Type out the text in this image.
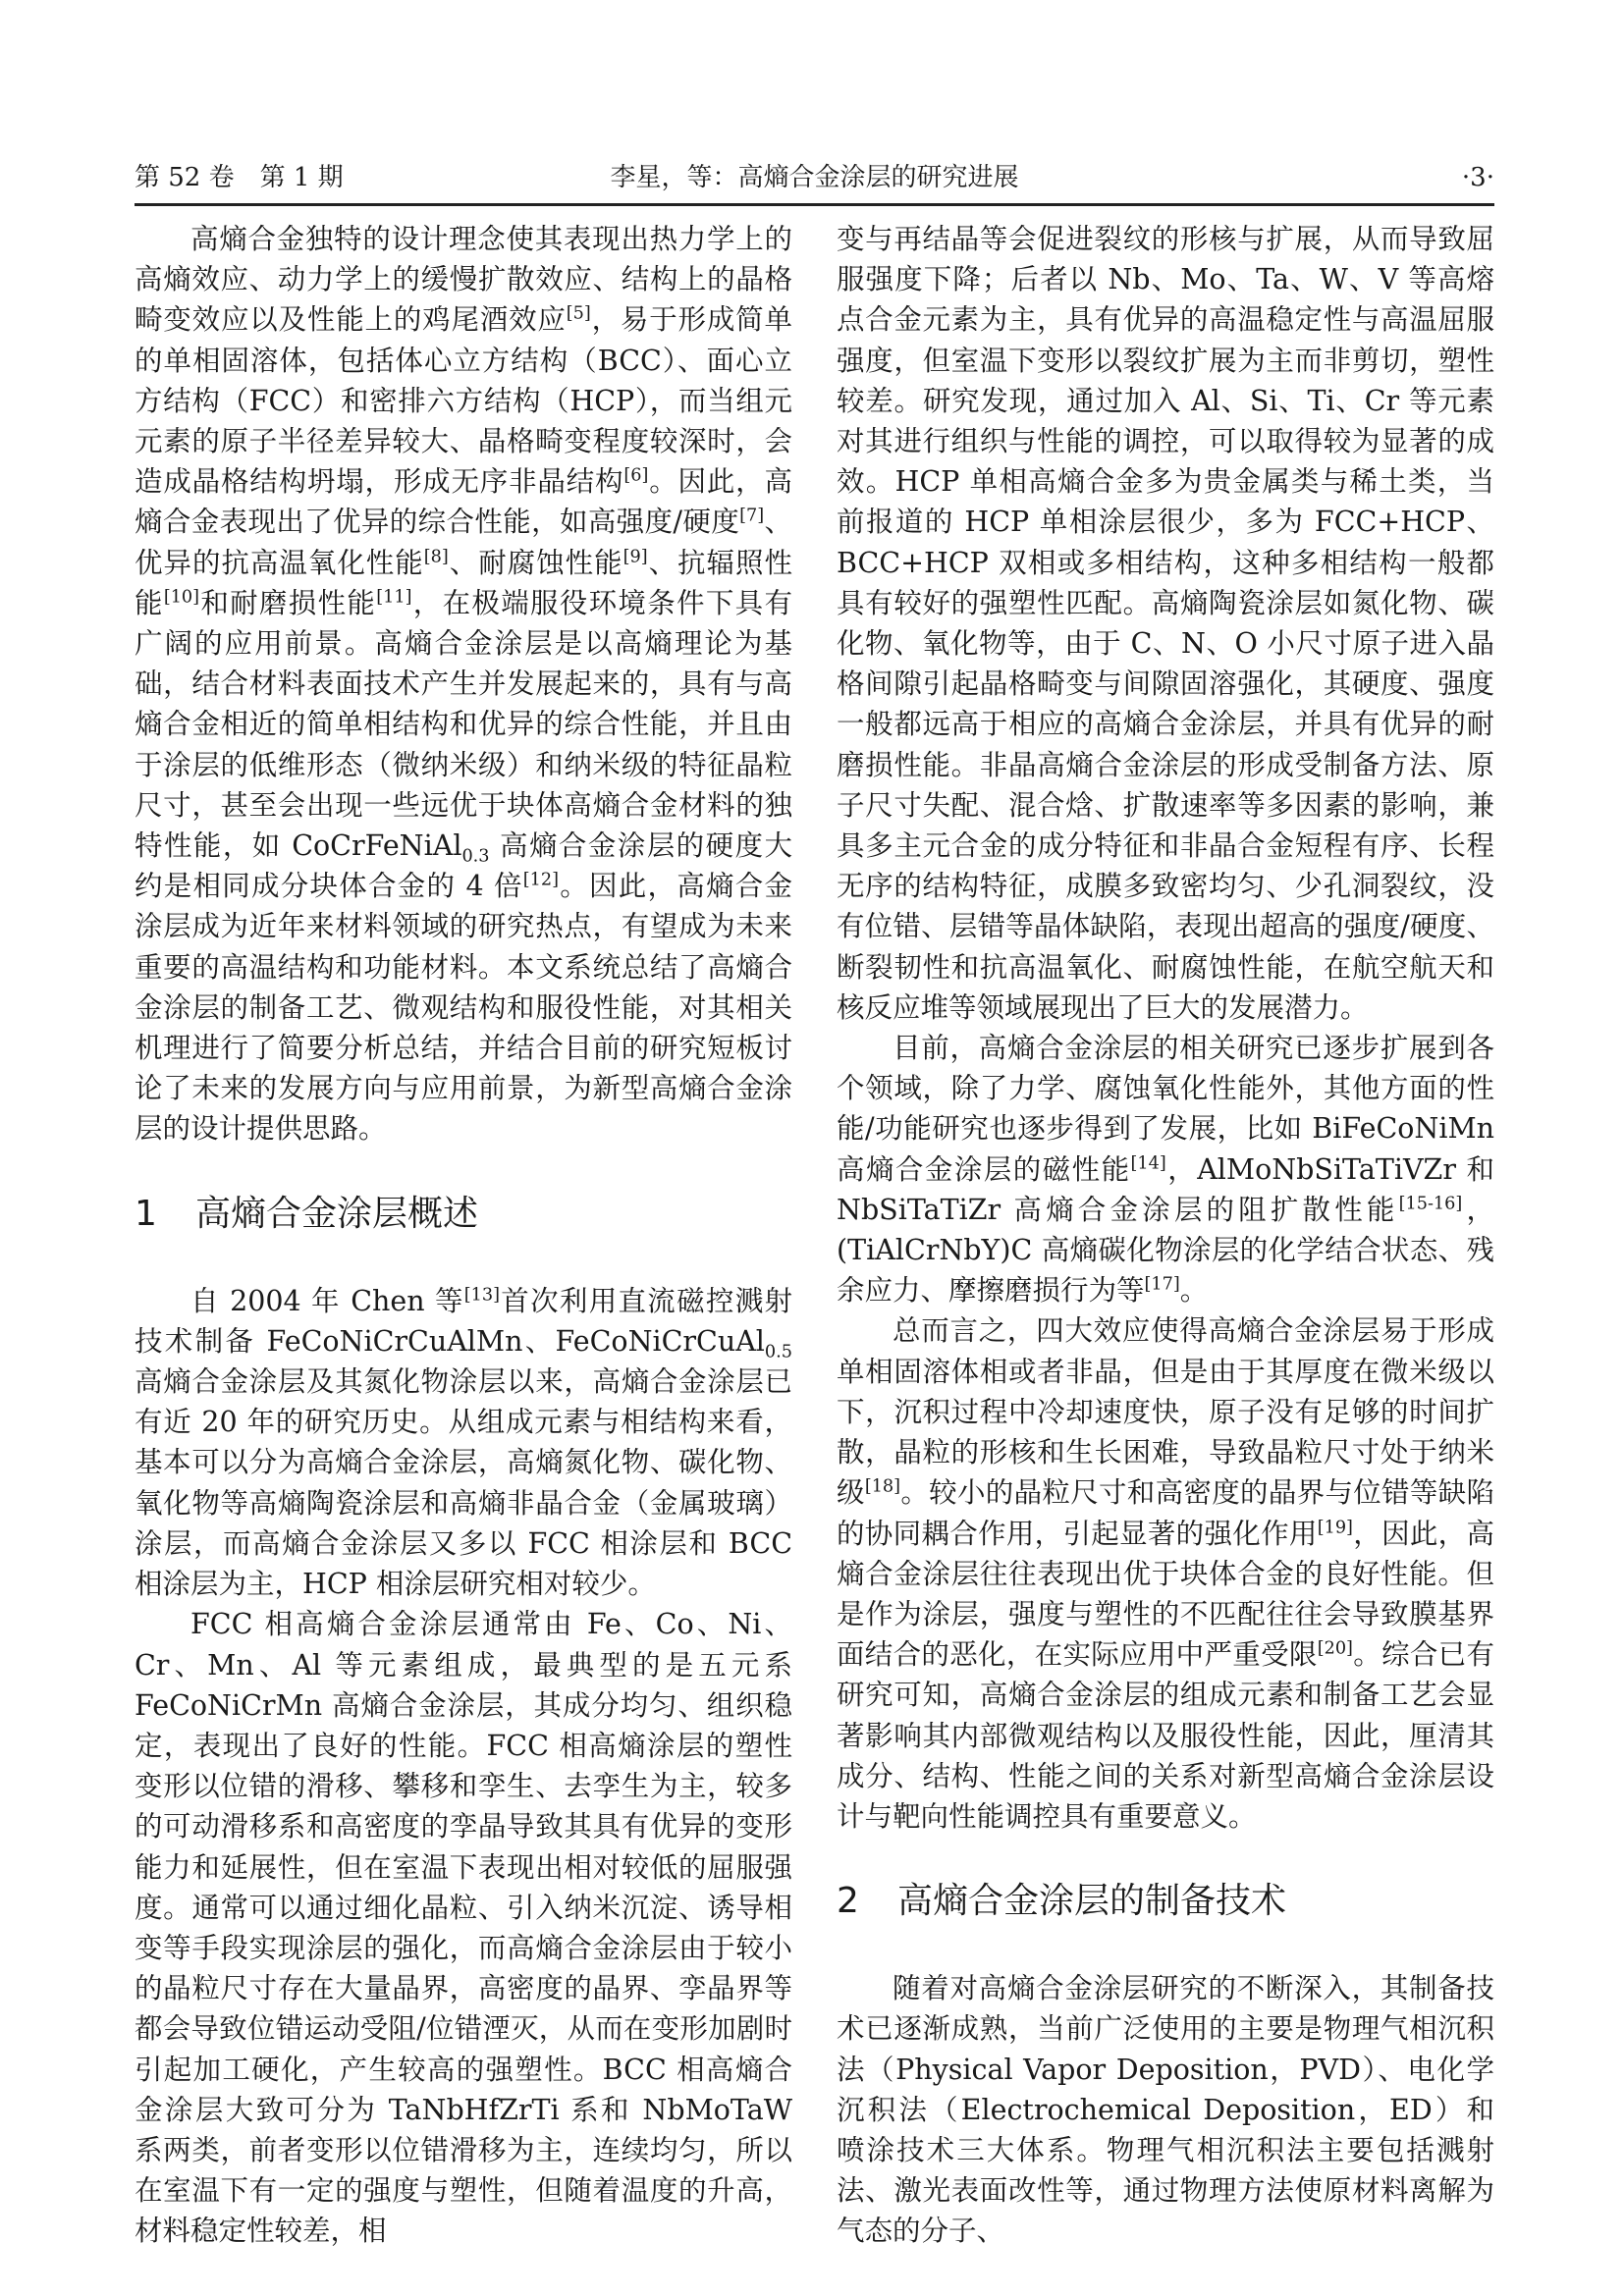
第 52 卷　第 1 期	李星，等：高熵合金涂层的研究进展	·3·

高熵合金独特的设计理念使其表现出热力学上的高熵效应、动力学上的缓慢扩散效应、结构上的晶格畸变效应以及性能上的鸡尾酒效应[5]，易于形成简单的单相固溶体，包括体心立方结构（BCC）、面心立方结构（FCC）和密排六方结构（HCP），而当组元元素的原子半径差异较大、晶格畸变程度较深时，会造成晶格结构坍塌，形成无序非晶结构[6]。因此，高熵合金表现出了优异的综合性能，如高强度/硬度[7]、优异的抗高温氧化性能[8]、耐腐蚀性能[9]、抗辐照性能[10]和耐磨损性能[11]，在极端服役环境条件下具有广阔的应用前景。高熵合金涂层是以高熵理论为基础，结合材料表面技术产生并发展起来的，具有与高熵合金相近的简单相结构和优异的综合性能，并且由于涂层的低维形态（微纳米级）和纳米级的特征晶粒尺寸，甚至会出现一些远优于块体高熵合金材料的独特性能，如 CoCrFeNiAl$_{0.3}$ 高熵合金涂层的硬度大约是相同成分块体合金的 4 倍[12]。因此，高熵合金涂层成为近年来材料领域的研究热点，有望成为未来重要的高温结构和功能材料。本文系统总结了高熵合金涂层的制备工艺、微观结构和服役性能，对其相关机理进行了简要分析总结，并结合目前的研究短板讨论了未来的发展方向与应用前景，为新型高熵合金涂层的设计提供思路。

1 高熵合金涂层概述

自 2004 年 Chen 等[13]首次利用直流磁控溅射技术制备 FeCoNiCrCuAlMn、FeCoNiCrCuAl$_{0.5}$ 高熵合金涂层及其氮化物涂层以来，高熵合金涂层已有近 20 年的研究历史。从组成元素与相结构来看，基本可以分为高熵合金涂层，高熵氮化物、碳化物、氧化物等高熵陶瓷涂层和高熵非晶合金（金属玻璃）涂层，而高熵合金涂层又多以 FCC 相涂层和 BCC 相涂层为主，HCP 相涂层研究相对较少。

FCC 相高熵合金涂层通常由 Fe、Co、Ni、Cr、Mn、Al 等元素组成，最典型的是五元系 FeCoNiCrMn 高熵合金涂层，其成分均匀、组织稳定，表现出了良好的性能。FCC 相高熵涂层的塑性变形以位错的滑移、攀移和孪生、去孪生为主，较多的可动滑移系和高密度的孪晶导致其具有优异的变形能力和延展性，但在室温下表现出相对较低的屈服强度。通常可以通过细化晶粒、引入纳米沉淀、诱导相变等手段实现涂层的强化，而高熵合金涂层由于较小的晶粒尺寸存在大量晶界，高密度的晶界、孪晶界等都会导致位错运动受阻/位错湮灭，从而在变形加剧时引起加工硬化，产生较高的强塑性。BCC 相高熵合金涂层大致可分为 TaNbHfZrTi 系和 NbMoTaW 系两类，前者变形以位错滑移为主，连续均匀，所以在室温下有一定的强度与塑性，但随着温度的升高，材料稳定性较差，相

变与再结晶等会促进裂纹的形核与扩展，从而导致屈服强度下降；后者以 Nb、Mo、Ta、W、V 等高熔点合金元素为主，具有优异的高温稳定性与高温屈服强度，但室温下变形以裂纹扩展为主而非剪切，塑性较差。研究发现，通过加入 Al、Si、Ti、Cr 等元素对其进行组织与性能的调控，可以取得较为显著的成效。HCP 单相高熵合金多为贵金属类与稀土类，当前报道的 HCP 单相涂层很少，多为 FCC+HCP、BCC+HCP 双相或多相结构，这种多相结构一般都具有较好的强塑性匹配。高熵陶瓷涂层如氮化物、碳化物、氧化物等，由于 C、N、O 小尺寸原子进入晶格间隙引起晶格畸变与间隙固溶强化，其硬度、强度一般都远高于相应的高熵合金涂层，并具有优异的耐磨损性能。非晶高熵合金涂层的形成受制备方法、原子尺寸失配、混合焓、扩散速率等多因素的影响，兼具多主元合金的成分特征和非晶合金短程有序、长程无序的结构特征，成膜多致密均匀、少孔洞裂纹，没有位错、层错等晶体缺陷，表现出超高的强度/硬度、断裂韧性和抗高温氧化、耐腐蚀性能，在航空航天和核反应堆等领域展现出了巨大的发展潜力。

目前，高熵合金涂层的相关研究已逐步扩展到各个领域，除了力学、腐蚀氧化性能外，其他方面的性能/功能研究也逐步得到了发展，比如 BiFeCoNiMn 高熵合金涂层的磁性能[14]，AlMoNbSiTaTiVZr 和 NbSiTaTiZr 高熵合金涂层的阻扩散性能[15-16]，(TiAlCrNbY)C 高熵碳化物涂层的化学结合状态、残余应力、摩擦磨损行为等[17]。

总而言之，四大效应使得高熵合金涂层易于形成单相固溶体相或者非晶，但是由于其厚度在微米级以下，沉积过程中冷却速度快，原子没有足够的时间扩散，晶粒的形核和生长困难，导致晶粒尺寸处于纳米级[18]。较小的晶粒尺寸和高密度的晶界与位错等缺陷的协同耦合作用，引起显著的强化作用[19]，因此，高熵合金涂层往往表现出优于块体合金的良好性能。但是作为涂层，强度与塑性的不匹配往往会导致膜基界面结合的恶化，在实际应用中严重受限[20]。综合已有研究可知，高熵合金涂层的组成元素和制备工艺会显著影响其内部微观结构以及服役性能，因此，厘清其成分、结构、性能之间的关系对新型高熵合金涂层设计与靶向性能调控具有重要意义。

2 高熵合金涂层的制备技术

随着对高熵合金涂层研究的不断深入，其制备技术已逐渐成熟，当前广泛使用的主要是物理气相沉积法（Physical Vapor Deposition，PVD）、电化学沉积法（Electrochemical Deposition，ED）和喷涂技术三大体系。物理气相沉积法主要包括溅射法、激光表面改性等，通过物理方法使原材料离解为气态的分子、
